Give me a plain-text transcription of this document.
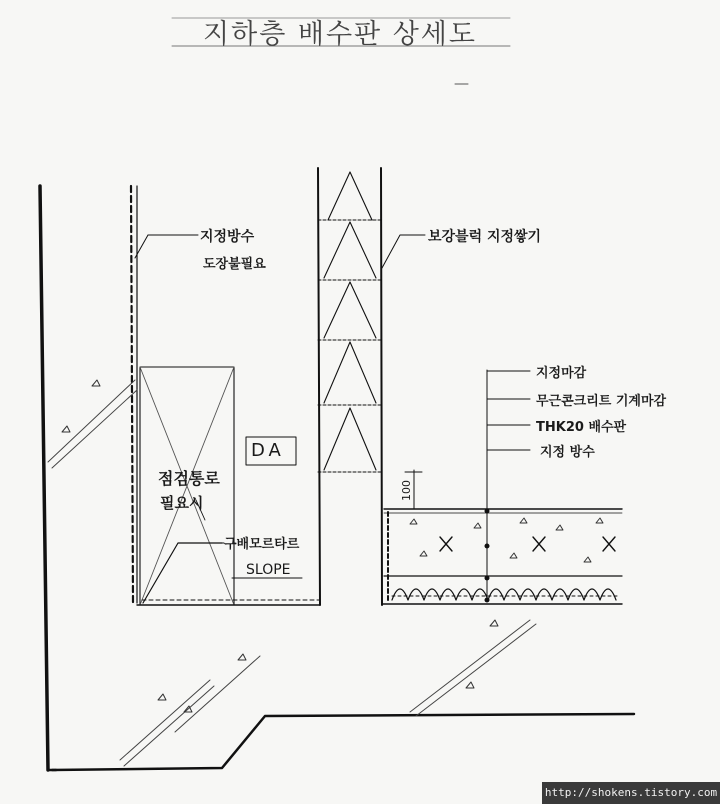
지하층 배수판 상세도
지정방수
도장불필요
보강블럭 지정쌓기
지정마감
무근콘크리트 기계마감
THK20 배수판
지정 방수
DA
점검통로
필요시
구배모르타르
SLOPE
100
http://shokens.tistory.com
